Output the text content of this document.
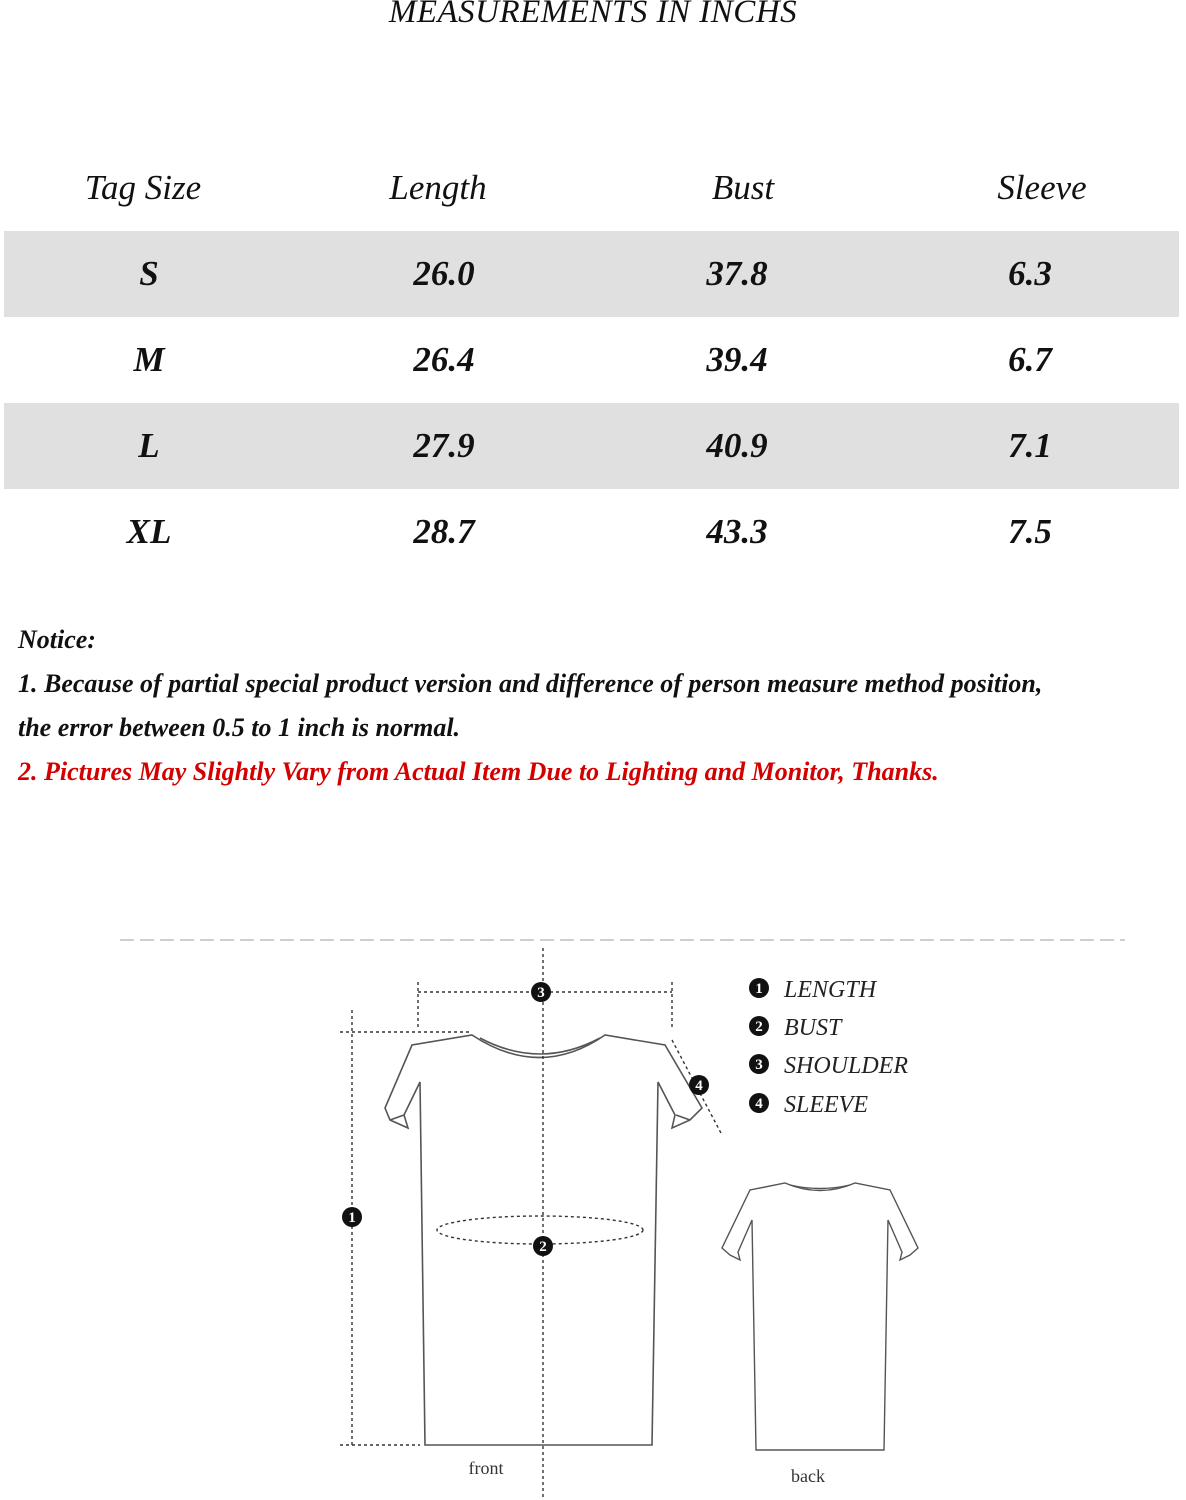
MEASUREMENTS IN INCHS
Tag Size	Length	Bust	Sleeve
S	26.0	37.8	6.3
M	26.4	39.4	6.7
L	27.9	40.9	7.1
XL	28.7	43.3	7.5
Notice:
1. Because of partial special product version and difference of person measure method position,
the error between 0.5 to 1 inch is normal.
2. Pictures May Slightly Vary from Actual Item Due to Lighting and Monitor, Thanks.
3
1
2
4
1 LENGTH
2 BUST
3 SHOULDER
4 SLEEVE
front	back
